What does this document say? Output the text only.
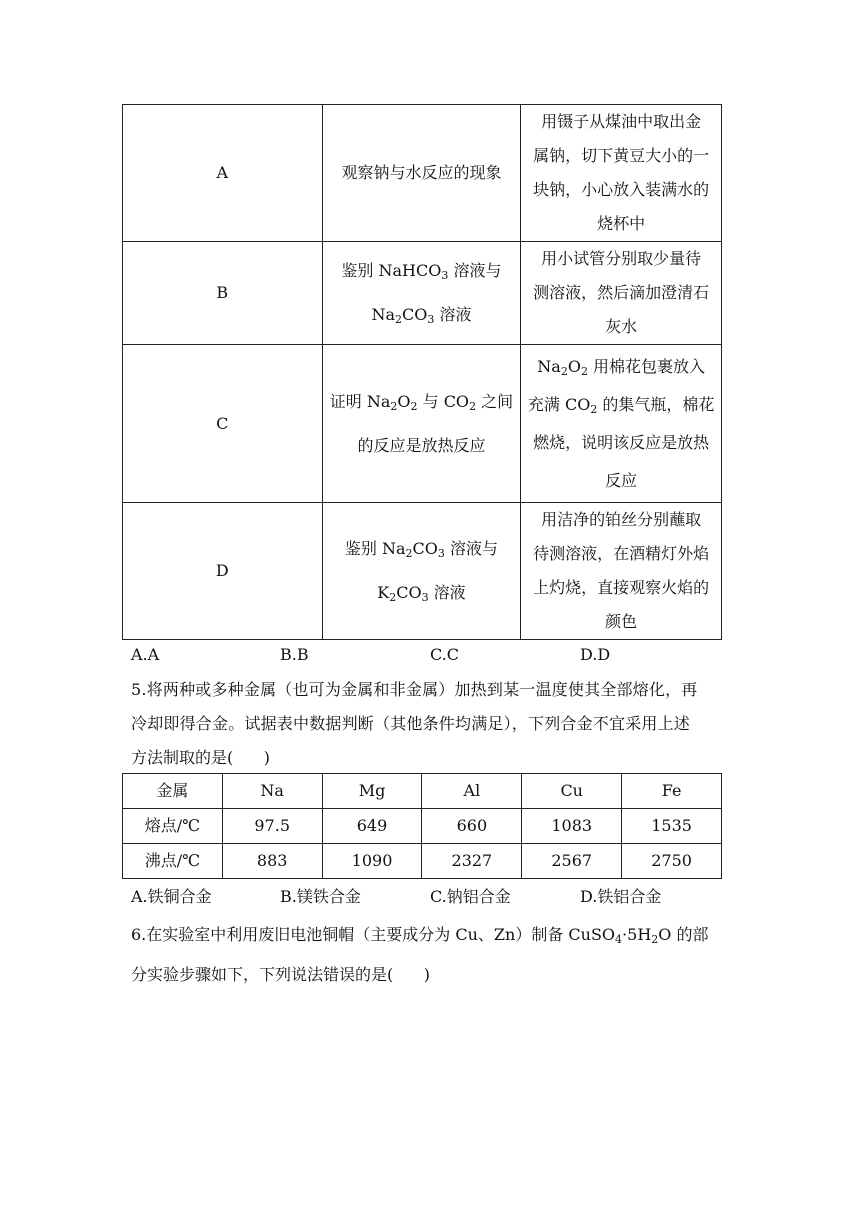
A	观察钠与水反应的现象	用镊子从煤油中取出金
属钠，切下黄豆大小的一
块钠，小心放入装满水的
烧杯中

B	鉴别 NaHCO$_3$ 溶液与
$Na_2CO_3$ 溶液	用小试管分别取少量待
测溶液，然后滴加澄清石
灰水

C	证明 $Na_2O_2$ 与 $CO_2$ 之间
的反应是放热反应	$Na_2O_2$ 用棉花包裹放入
充满 $CO_2$ 的集气瓶，棉花
燃烧，说明该反应是放热
反应

D	鉴别 $Na_2CO_3$ 溶液与
$K_2CO_3$ 溶液	用洁净的铂丝分别蘸取
待测溶液，在酒精灯外焰
上灼烧，直接观察火焰的
颜色
A.A	B.B	C.C	D.D
5.将两种或多种金属（也可为金属和非金属）加热到某一温度使其全部熔化，再
冷却即得合金。试据表中数据判断（其他条件均满足），下列合金不宜采用上述
方法制取的是(      )
金属	Na	Mg	Al	Cu	Fe
熔点/℃	97.5	649	660	1083	1535
沸点/℃	883	1090	2327	2567	2750
A.铁铜合金	B.镁铁合金	C.钠铝合金	D.铁铝合金
6.在实验室中利用废旧电池铜帽（主要成分为 Cu、Zn）制备 $CuSO_4\cdot 5H_2O$ 的部
分实验步骤如下，下列说法错误的是(      )
